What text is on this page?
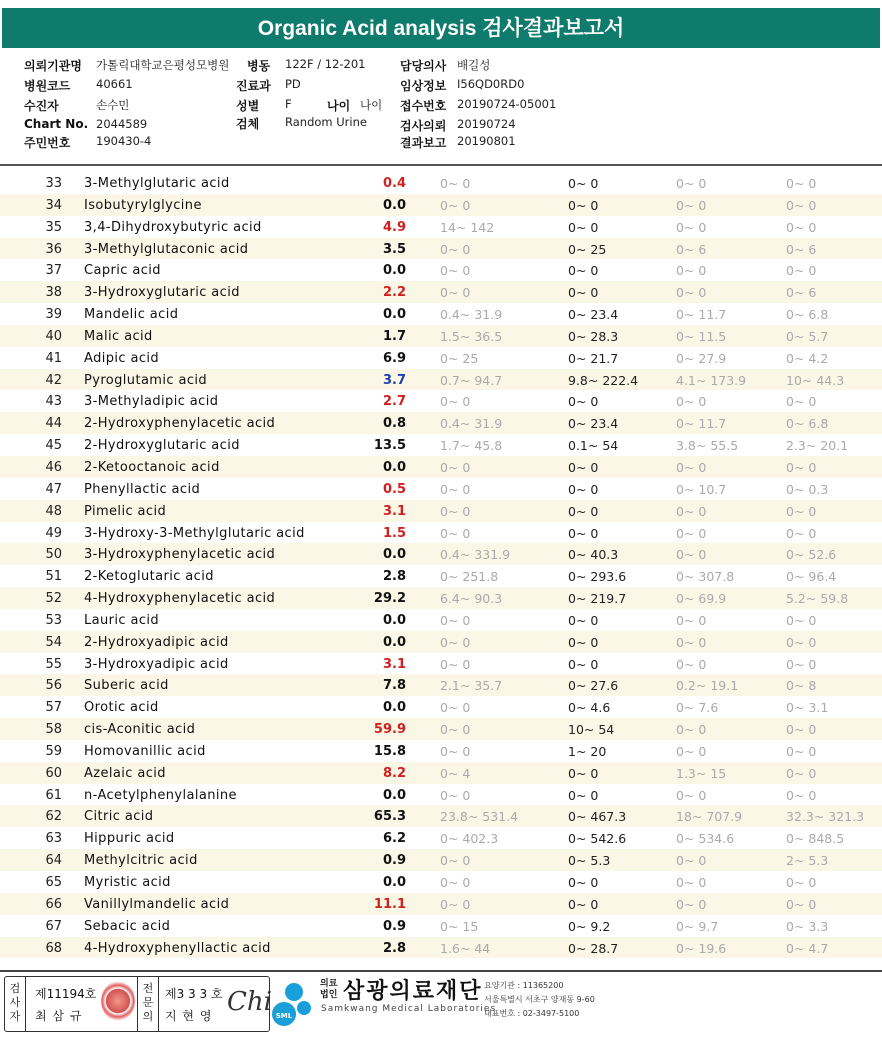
Organic Acid analysis 검사결과보고서
의뢰기관명 가톨릭대학교은평성모병원 병동 122F / 12-201	담당의사 배길성
병원코드 40661	진료과 PD	임상정보 I56QD0RD0
수진자	손수민	성별 F	나이 나이 접수번호 20190724-05001
Chart No. 2044589	검체 Random Urine	검사의뢰 20190724
주민번호 190430-4	결과보고 20190801
33 3-Methylglutaric acid	0.4	0~ 0	0~ 0	0~ 0	0~ 0
34 Isobutyrylglycine	0.0	0~ 0	0~ 0	0~ 0	0~ 0
35 3,4-Dihydroxybutyric acid	4.9	14~ 142	0~ 0	0~ 0	0~ 0
36 3-Methylglutaconic acid	3.5	0~ 0	0~ 25	0~ 6	0~ 6
37 Capric acid	0.0	0~ 0	0~ 0	0~ 0	0~ 0
38 3-Hydroxyglutaric acid	2.2	0~ 0	0~ 0	0~ 0	0~ 6
39 Mandelic acid	0.0	0.4~ 31.9	0~ 23.4	0~ 11.7	0~ 6.8
40 Malic acid	1.7	1.5~ 36.5	0~ 28.3	0~ 11.5	0~ 5.7
41 Adipic acid	6.9	0~ 25	0~ 21.7	0~ 27.9	0~ 4.2
42 Pyroglutamic acid	3.7	0.7~ 94.7	9.8~ 222.4	4.1~ 173.9	10~ 44.3
43 3-Methyladipic acid	2.7	0~ 0	0~ 0	0~ 0	0~ 0
44 2-Hydroxyphenylacetic acid	0.8	0.4~ 31.9	0~ 23.4	0~ 11.7	0~ 6.8
45 2-Hydroxyglutaric acid	13.5	1.7~ 45.8	0.1~ 54	3.8~ 55.5	2.3~ 20.1
46 2-Ketooctanoic acid	0.0	0~ 0	0~ 0	0~ 0	0~ 0
47 Phenyllactic acid	0.5	0~ 0	0~ 0	0~ 10.7	0~ 0.3
48 Pimelic acid	3.1	0~ 0	0~ 0	0~ 0	0~ 0
49 3-Hydroxy-3-Methylglutaric acid	1.5	0~ 0	0~ 0	0~ 0	0~ 0
50 3-Hydroxyphenylacetic acid	0.0	0.4~ 331.9	0~ 40.3	0~ 0	0~ 52.6
51 2-Ketoglutaric acid	2.8	0~ 251.8	0~ 293.6	0~ 307.8	0~ 96.4
52 4-Hydroxyphenylacetic acid	29.2	6.4~ 90.3	0~ 219.7	0~ 69.9	5.2~ 59.8
53 Lauric acid	0.0	0~ 0	0~ 0	0~ 0	0~ 0
54 2-Hydroxyadipic acid	0.0	0~ 0	0~ 0	0~ 0	0~ 0
55 3-Hydroxyadipic acid	3.1	0~ 0	0~ 0	0~ 0	0~ 0
56 Suberic acid	7.8	2.1~ 35.7	0~ 27.6	0.2~ 19.1	0~ 8
57 Orotic acid	0.0	0~ 0	0~ 4.6	0~ 7.6	0~ 3.1
58 cis-Aconitic acid	59.9	0~ 0	10~ 54	0~ 0	0~ 0
59 Homovanillic acid	15.8	0~ 0	1~ 20	0~ 0	0~ 0
60 Azelaic acid	8.2	0~ 4	0~ 0	1.3~ 15	0~ 0
61 n-Acetylphenylalanine	0.0	0~ 0	0~ 0	0~ 0	0~ 0
62 Citric acid	65.3	23.8~ 531.4	0~ 467.3	18~ 707.9	32.3~ 321.3
63 Hippuric acid	6.2	0~ 402.3	0~ 542.6	0~ 534.6	0~ 848.5
64 Methylcitric acid	0.9	0~ 0	0~ 5.3	0~ 0	2~ 5.3
65 Myristic acid	0.0	0~ 0	0~ 0	0~ 0	0~ 0
66 Vanillylmandelic acid	11.1	0~ 0	0~ 0	0~ 0	0~ 0
67 Sebacic acid	0.9	0~ 15	0~ 9.2	0~ 9.7	0~ 3.3
68 4-Hydroxyphenyllactic acid	2.8	1.6~ 44	0~ 28.7	0~ 19.6	0~ 4.7
검
사
자
제11194호
최 삼 규
전
문
의
제3 3 3 호
지 현 영 Chi SML
의료
법인 삼광의료재단
Samkwang Medical Laboratories
요양기관 : 11365200
서울특별시 서초구 양재동 9-60
대표번호 : 02-3497-5100
